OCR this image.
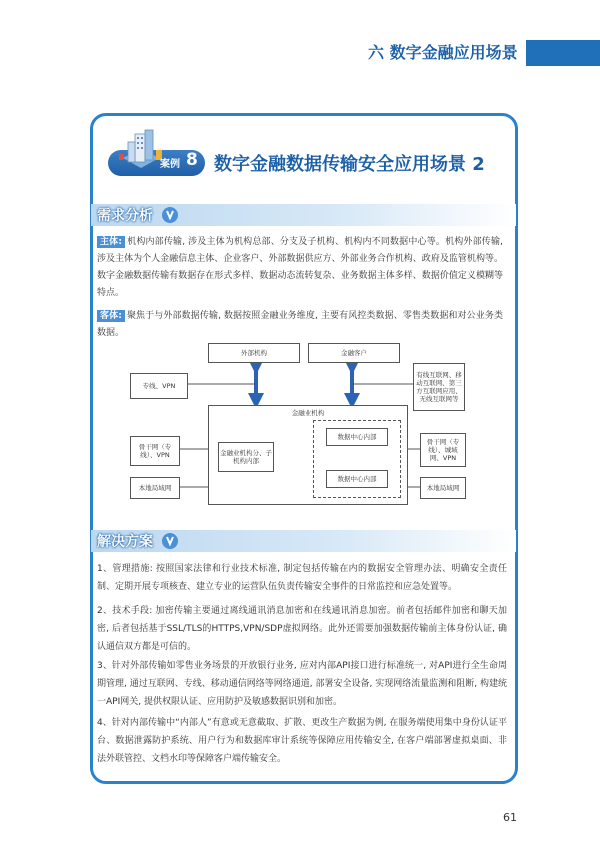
六 数字金融应用场景
案例 8 数字金融数据传输安全应用场景 2
需求分析
主体: 机构内部传输, 涉及主体为机构总部、分支及子机构、机构内不同数据中心等。机构外部传输, 涉及主体为个人金融信息主体、企业客户、外部数据供应方、外部业务合作机构、政府及监管机构等。数字金融数据传输有数据存在形式多样、数据动态流转复杂、业务数据主体多样、数据价值定义模糊等特点。
客体: 聚焦于与外部数据传输, 数据按照金融业务维度, 主要有风控类数据、零售类数据和对公业务类数据。
外部机构	金融客户
专线、VPN
有线互联网、移动互联网、第三方互联网应用、无线互联网等
金融业机构
金融业机构分、子机构内部
数据中心内部
数据中心内部
骨干网（专线）、VPN
本地局域网
骨干网（专线）、城域网、VPN
本地局域网
解决方案
1、管理措施: 按照国家法律和行业技术标准, 制定包括传输在内的数据安全管理办法、明确安全责任制、定期开展专项核查、建立专业的运营队伍负责传输安全事件的日常监控和应急处置等。
2、技术手段: 加密传输主要通过离线通讯消息加密和在线通讯消息加密。前者包括邮件加密和聊天加密, 后者包括基于SSL/TLS的HTTPS,VPN/SDP虚拟网络。此外还需要加强数据传输前主体身份认证, 确认通信双方都是可信的。
3、针对外部传输如零售业务场景的开放银行业务, 应对内部API接口进行标准统一, 对API进行全生命周期管理, 通过互联网、专线、移动通信网络等网络通道, 部署安全设备, 实现网络流量监测和阻断, 构建统一API网关, 提供权限认证、应用防护及敏感数据识别和加密。
4、针对内部传输中“内部人”有意或无意截取、扩散、更改生产数据为例, 在服务端使用集中身份认证平台、数据泄露防护系统、用户行为和数据库审计系统等保障应用传输安全, 在客户端部署虚拟桌面、非法外联管控、文档水印等保障客户端传输安全。
61
